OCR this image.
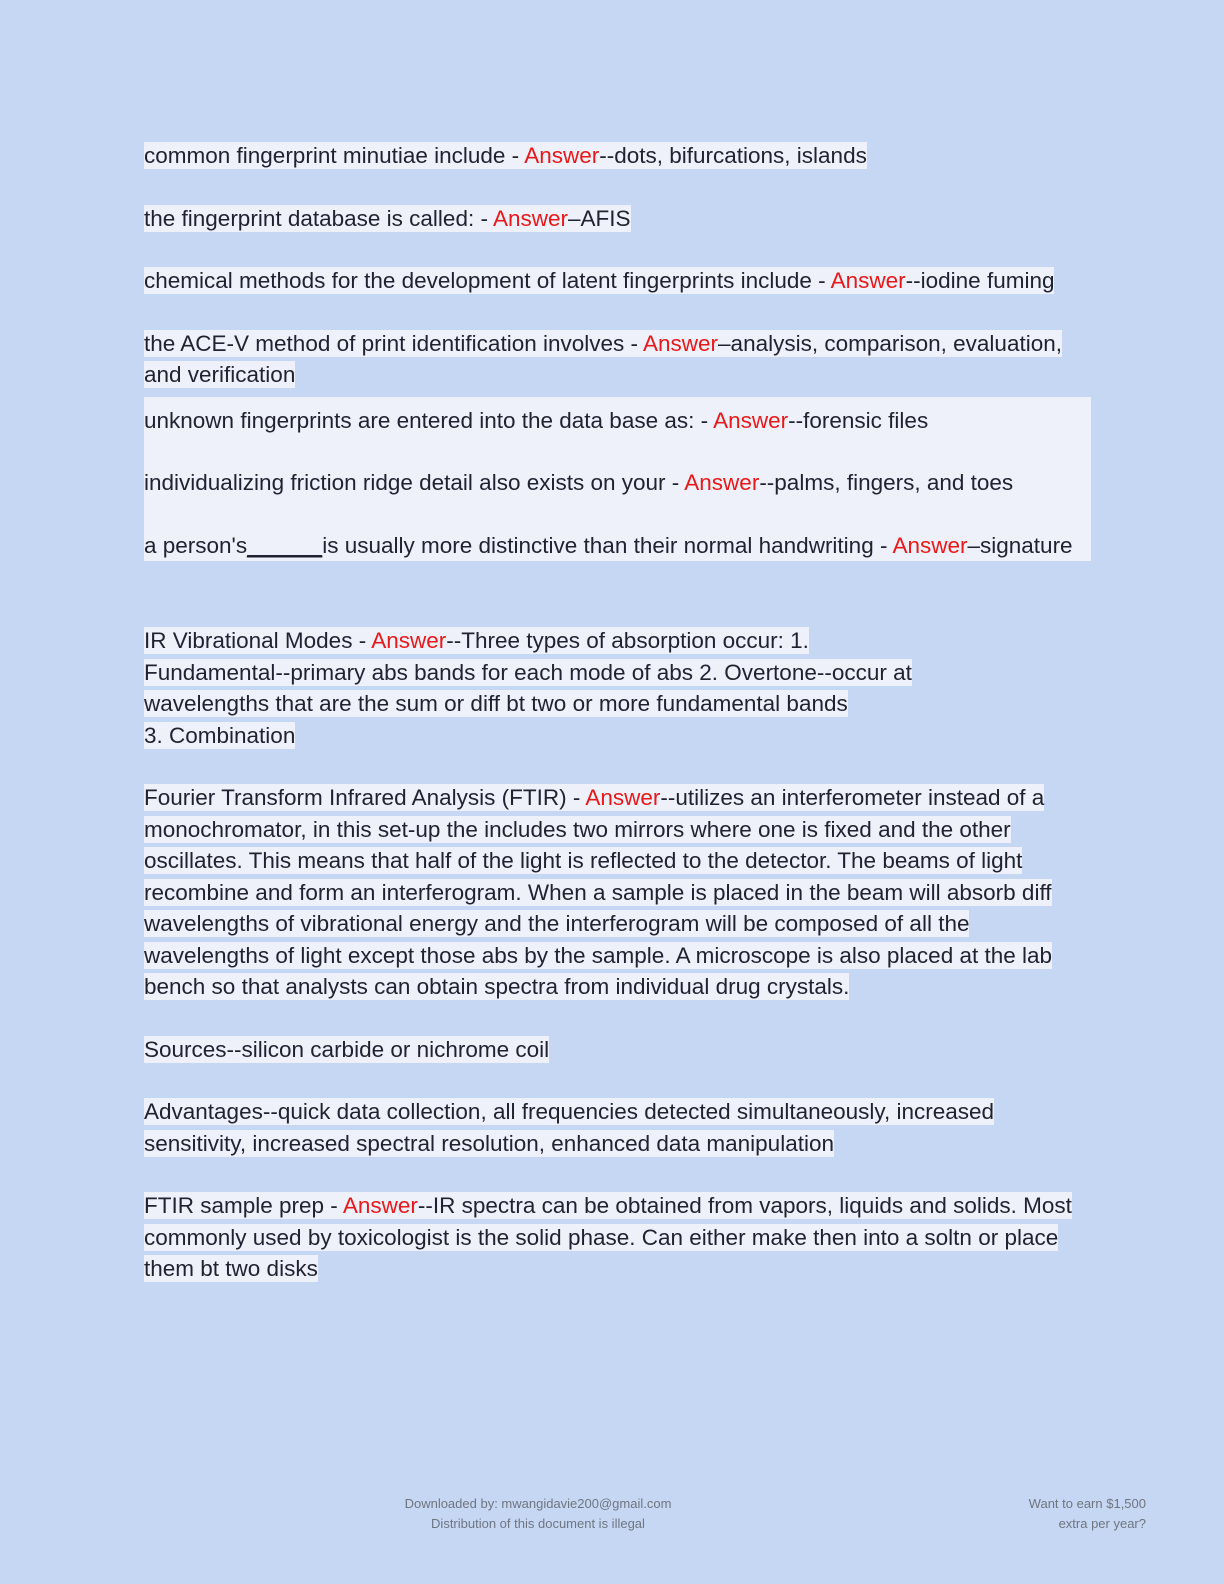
common fingerprint minutiae include - Answer--dots, bifurcations, islands
the fingerprint database is called: - Answer–AFIS
chemical methods for the development of latent fingerprints include - Answer--iodine fuming
the ACE-V method of print identification involves - Answer–analysis, comparison, evaluation, and verification
unknown fingerprints are entered into the data base as: - Answer--forensic files
individualizing friction ridge detail also exists on your - Answer--palms, fingers, and toes
a person's______is usually more distinctive than their normal handwriting - Answer–signature
IR Vibrational Modes - Answer--Three types of absorption occur: 1.
Fundamental--primary abs bands for each mode of abs 2. Overtone--occur at
wavelengths that are the sum or diff bt two or more fundamental bands
3. Combination
Fourier Transform Infrared Analysis (FTIR) - Answer--utilizes an interferometer instead of a monochromator, in this set-up the includes two mirrors where one is fixed and the other oscillates. This means that half of the light is reflected to the detector. The beams of light recombine and form an interferogram. When a sample is placed in the beam will absorb diff wavelengths of vibrational energy and the interferogram will be composed of all the wavelengths of light except those abs by the sample. A microscope is also placed at the lab bench so that analysts can obtain spectra from individual drug crystals.
Sources--silicon carbide or nichrome coil
Advantages--quick data collection, all frequencies detected simultaneously, increased sensitivity, increased spectral resolution, enhanced data manipulation
FTIR sample prep - Answer--IR spectra can be obtained from vapors, liquids and solids. Most commonly used by toxicologist is the solid phase. Can either make then into a soltn or place them bt two disks
Downloaded by: mwangidavie200@gmail.com
Distribution of this document is illegal
Want to earn $1,500
extra per year?
